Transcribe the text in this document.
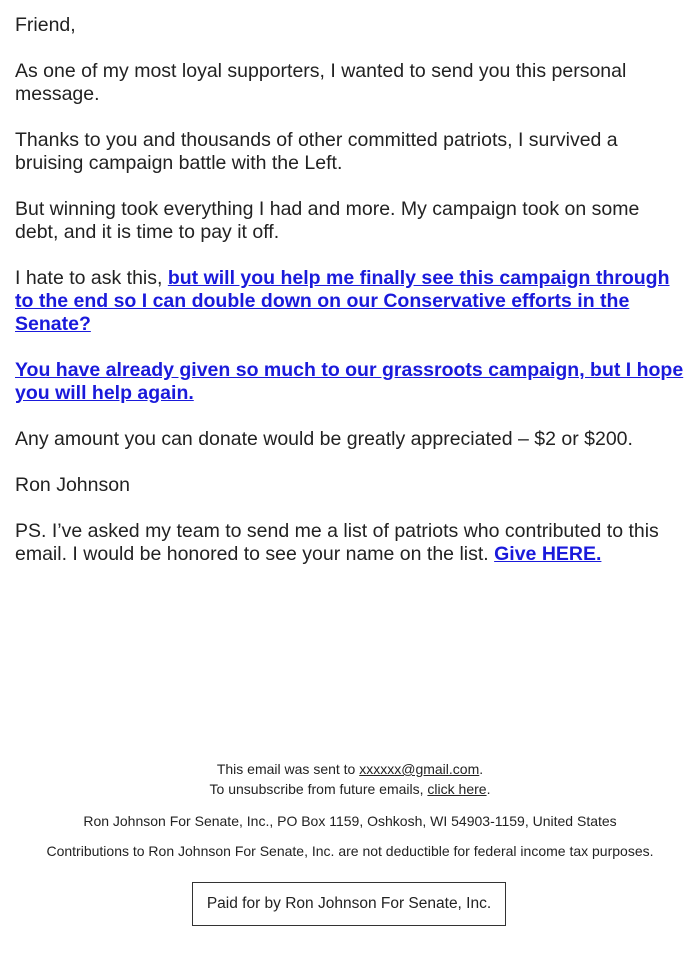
Friend,

As one of my most loyal supporters, I wanted to send you this personal message.

Thanks to you and thousands of other committed patriots, I survived a bruising campaign battle with the Left.

But winning took everything I had and more. My campaign took on some debt, and it is time to pay it off.

I hate to ask this, but will you help me finally see this campaign through to the end so I can double down on our Conservative efforts in the Senate?

You have already given so much to our grassroots campaign, but I hope you will help again.

Any amount you can donate would be greatly appreciated – $2 or $200.

Ron Johnson

PS. I’ve asked my team to send me a list of patriots who contributed to this email. I would be honored to see your name on the list. Give HERE.

This email was sent to xxxxxx@gmail.com.
To unsubscribe from future emails, click here.
Ron Johnson For Senate, Inc., PO Box 1159, Oshkosh, WI 54903-1159, United States
Contributions to Ron Johnson For Senate, Inc. are not deductible for federal income tax purposes.
Paid for by Ron Johnson For Senate, Inc.
